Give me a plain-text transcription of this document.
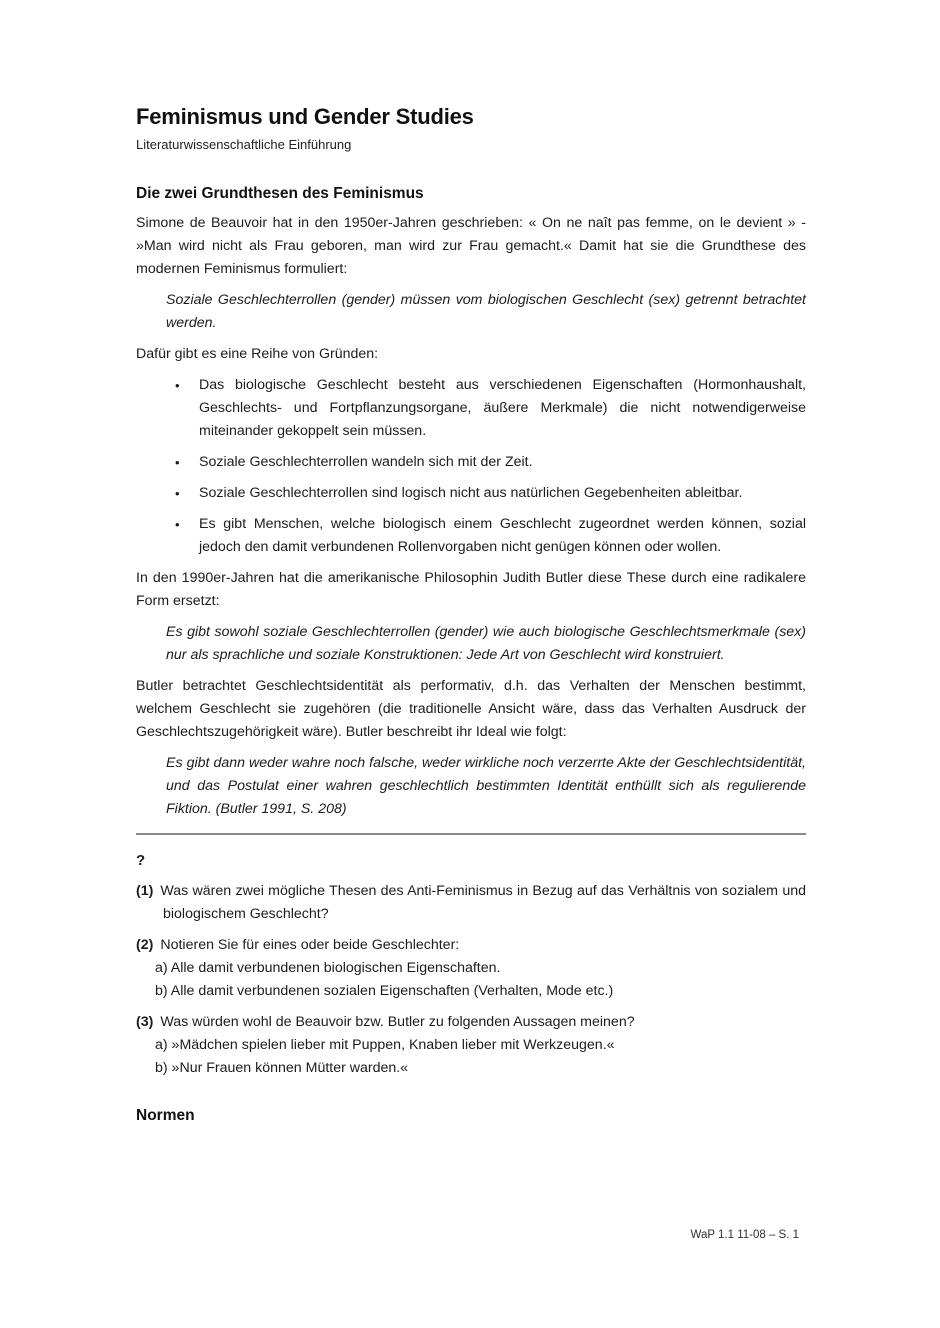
Feminismus und Gender Studies
Literaturwissenschaftliche Einführung
Die zwei Grundthesen des Feminismus

Simone de Beauvoir hat in den 1950er-Jahren geschrieben: « On ne naît pas femme, on le devient » - »Man wird nicht als Frau geboren, man wird zur Frau gemacht.« Damit hat sie die Grundthese des modernen Feminismus formuliert:

Soziale Geschlechterrollen (gender) müssen vom biologischen Geschlecht (sex) getrennt betrachtet werden.

Dafür gibt es eine Reihe von Gründen:

• Das biologische Geschlecht besteht aus verschiedenen Eigenschaften (Hormonhaushalt, Geschlechts- und Fortpflanzungsorgane, äußere Merkmale) die nicht notwendigerweise miteinander gekoppelt sein müssen.
• Soziale Geschlechterrollen wandeln sich mit der Zeit.
• Soziale Geschlechterrollen sind logisch nicht aus natürlichen Gegebenheiten ableitbar.
• Es gibt Menschen, welche biologisch einem Geschlecht zugeordnet werden können, sozial jedoch den damit verbundenen Rollenvorgaben nicht genügen können oder wollen.

In den 1990er-Jahren hat die amerikanische Philosophin Judith Butler diese These durch eine radikalere Form ersetzt:

Es gibt sowohl soziale Geschlechterrollen (gender) wie auch biologische Geschlechtsmerkmale (sex) nur als sprachliche und soziale Konstruktionen: Jede Art von Geschlecht wird konstruiert.

Butler betrachtet Geschlechtsidentität als performativ, d.h. das Verhalten der Menschen bestimmt, welchem Geschlecht sie zugehören (die traditionelle Ansicht wäre, dass das Verhalten Ausdruck der Geschlechtszugehörigkeit wäre). Butler beschreibt ihr Ideal wie folgt:

Es gibt dann weder wahre noch falsche, weder wirkliche noch verzerrte Akte der Geschlechtsidentität, und das Postulat einer wahren geschlechtlich bestimmten Identität enthüllt sich als regulierende Fiktion. (Butler 1991, S. 208)
?
(1) Was wären zwei mögliche Thesen des Anti-Feminismus in Bezug auf das Verhältnis von sozialem und biologischem Geschlecht?
(2) Notieren Sie für eines oder beide Geschlechter:
a) Alle damit verbundenen biologischen Eigenschaften.
b) Alle damit verbundenen sozialen Eigenschaften (Verhalten, Mode etc.)
(3) Was würden wohl de Beauvoir bzw. Butler zu folgenden Aussagen meinen?
a) »Mädchen spielen lieber mit Puppen, Knaben lieber mit Werkzeugen.«
b) »Nur Frauen können Mütter warden.«
Normen
WaP 1.1 11-08 – S. 1
